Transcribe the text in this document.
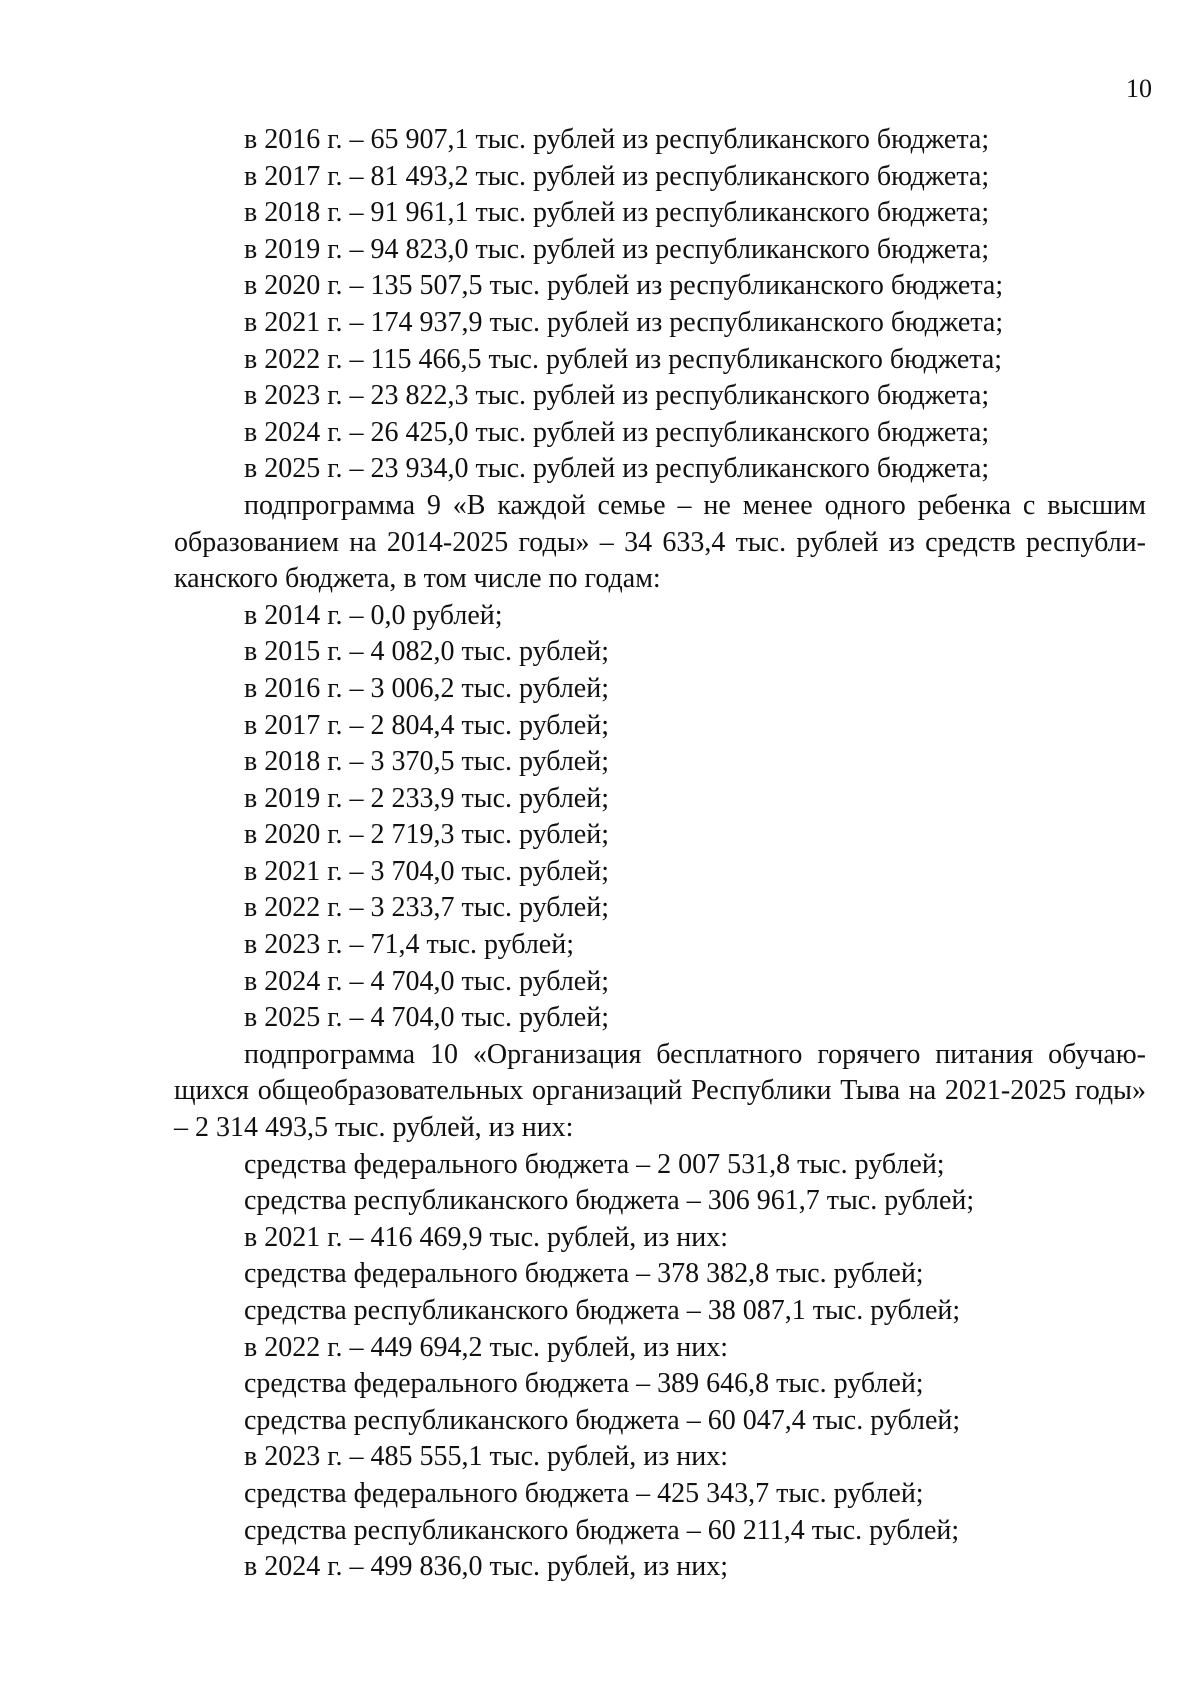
10
в 2016 г. – 65 907,1 тыс. рублей из республиканского бюджета;
в 2017 г. – 81 493,2 тыс. рублей из республиканского бюджета;
в 2018 г. – 91 961,1 тыс. рублей из республиканского бюджета;
в 2019 г. – 94 823,0 тыс. рублей из республиканского бюджета;
в 2020 г. – 135 507,5 тыс. рублей из республиканского бюджета;
в 2021 г. – 174 937,9 тыс. рублей из республиканского бюджета;
в 2022 г. – 115 466,5 тыс. рублей из республиканского бюджета;
в 2023 г. – 23 822,3 тыс. рублей из республиканского бюджета;
в 2024 г. – 26 425,0 тыс. рублей из республиканского бюджета;
в 2025 г. – 23 934,0 тыс. рублей из республиканского бюджета;

подпрограмма 9 «В каждой семье – не менее одного ребенка с высшим образованием на 2014-2025 годы» – 34 633,4 тыс. рублей из средств республиканского бюджета, в том числе по годам:

в 2014 г. – 0,0 рублей;
в 2015 г. – 4 082,0 тыс. рублей;
в 2016 г. – 3 006,2 тыс. рублей;
в 2017 г. – 2 804,4 тыс. рублей;
в 2018 г. – 3 370,5 тыс. рублей;
в 2019 г. – 2 233,9 тыс. рублей;
в 2020 г. – 2 719,3 тыс. рублей;
в 2021 г. – 3 704,0 тыс. рублей;
в 2022 г. – 3 233,7 тыс. рублей;
в 2023 г. – 71,4 тыс. рублей;
в 2024 г. – 4 704,0 тыс. рублей;
в 2025 г. – 4 704,0 тыс. рублей;

подпрограмма 10 «Организация бесплатного горячего питания обучающихся общеобразовательных организаций Республики Тыва на 2021-2025 годы» – 2 314 493,5 тыс. рублей, из них:

средства федерального бюджета – 2 007 531,8 тыс. рублей;
средства республиканского бюджета – 306 961,7 тыс. рублей;
в 2021 г. – 416 469,9 тыс. рублей, из них:
средства федерального бюджета – 378 382,8 тыс. рублей;
средства республиканского бюджета – 38 087,1 тыс. рублей;
в 2022 г. – 449 694,2 тыс. рублей, из них:
средства федерального бюджета – 389 646,8 тыс. рублей;
средства республиканского бюджета – 60 047,4 тыс. рублей;
в 2023 г. – 485 555,1 тыс. рублей, из них:
средства федерального бюджета – 425 343,7 тыс. рублей;
средства республиканского бюджета – 60 211,4 тыс. рублей;
в 2024 г. – 499 836,0 тыс. рублей, из них;
